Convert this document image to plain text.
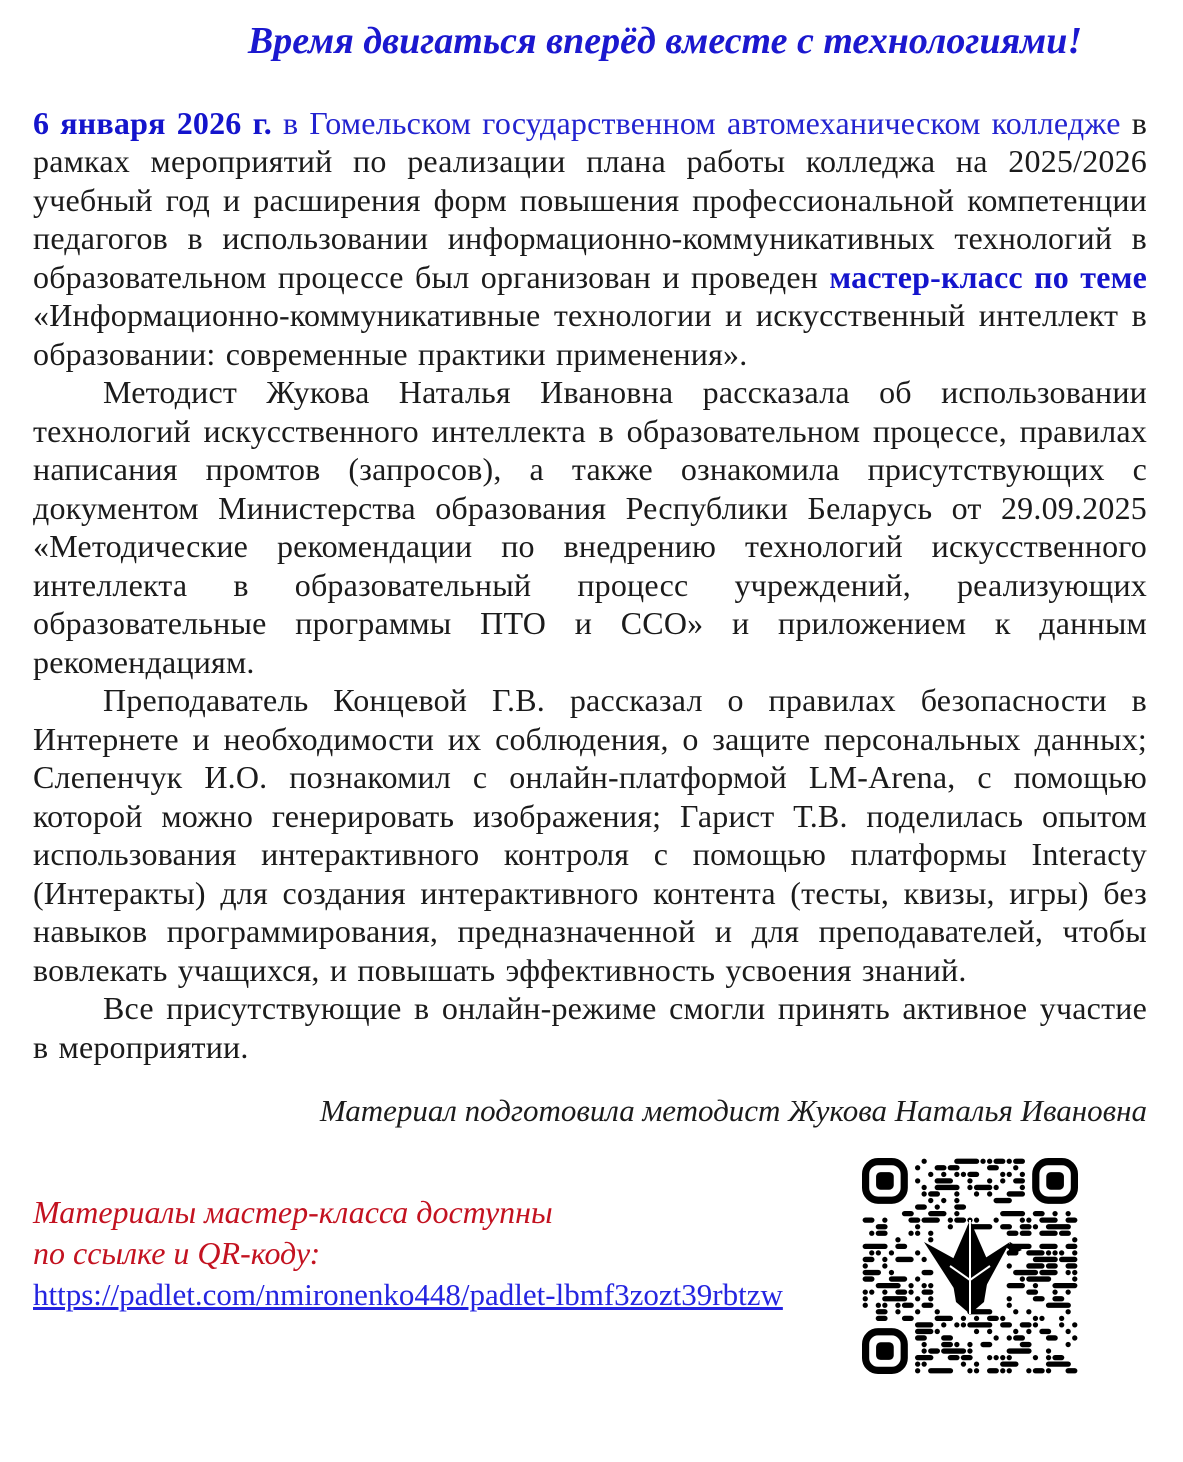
Время двигаться вперёд вместе с технологиями!

6 января 2026 г. в Гомельском государственном автомеханическом колледже в рамках мероприятий по реализации плана работы колледжа на 2025/2026 учебный год и расширения форм повышения профессиональной компетенции педагогов в использовании информационно-коммуникативных технологий в образовательном процессе был организован и проведен мастер-класс по теме «Информационно-коммуникативные технологии и искусственный интеллект в образовании: современные практики применения».

Методист Жукова Наталья Ивановна рассказала об использовании технологий искусственного интеллекта в образовательном процессе, правилах написания промтов (запросов), а также ознакомила присутствующих с документом Министерства образования Республики Беларусь от 29.09.2025 «Методические рекомендации по внедрению технологий искусственного интеллекта в образовательный процесс учреждений, реализующих образовательные программы ПТО и ССО» и приложением к данным рекомендациям.

Преподаватель Концевой Г.В. рассказал о правилах безопасности в Интернете и необходимости их соблюдения, о защите персональных данных; Слепенчук И.О. познакомил с онлайн-платформой LM-Arena, с помощью которой можно генерировать изображения; Гарист Т.В. поделилась опытом использования интерактивного контроля с помощью платформы Interacty (Интеракты) для создания интерактивного контента (тесты, квизы, игры) без навыков программирования, предназначенной и для преподавателей, чтобы вовлекать учащихся, и повышать эффективность усвоения знаний.

Все присутствующие в онлайн-режиме смогли принять активное участие в мероприятии.

Материал подготовила методист Жукова Наталья Ивановна

Материалы мастер-класса доступны

по ссылке и QR-коду:

https://padlet.com/nmironenko448/padlet-lbmf3zozt39rbtzw
